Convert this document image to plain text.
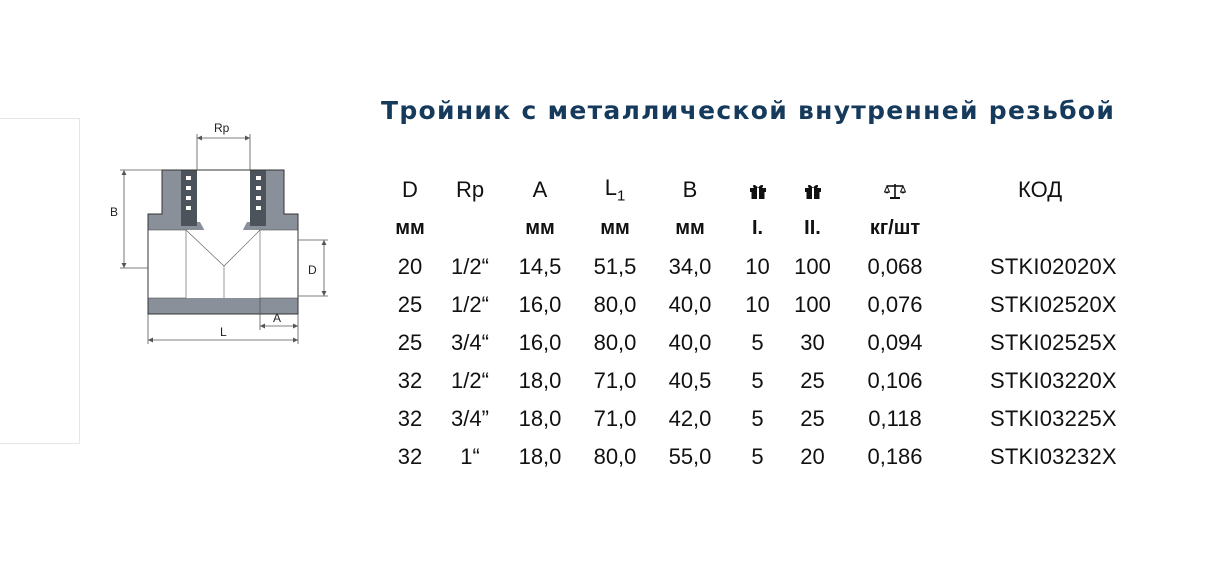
Rp
B
D
L
A
Тройник с металлической внутренней резьбой
D	Rp	A	$L_1$	B				КОД
мм		мм	мм	мм	I.	II.	кг/шт	
20	1/2“	14,5	51,5	34,0	10	100	0,068	STKI02020X
25	1/2“	16,0	80,0	40,0	10	100	0,076	STKI02520X
25	3/4“	16,0	80,0	40,0	5	30	0,094	STKI02525X
32	1/2“	18,0	71,0	40,5	5	25	0,106	STKI03220X
32	3/4”	18,0	71,0	42,0	5	25	0,118	STKI03225X
32	1“	18,0	80,0	55,0	5	20	0,186	STKI03232X
